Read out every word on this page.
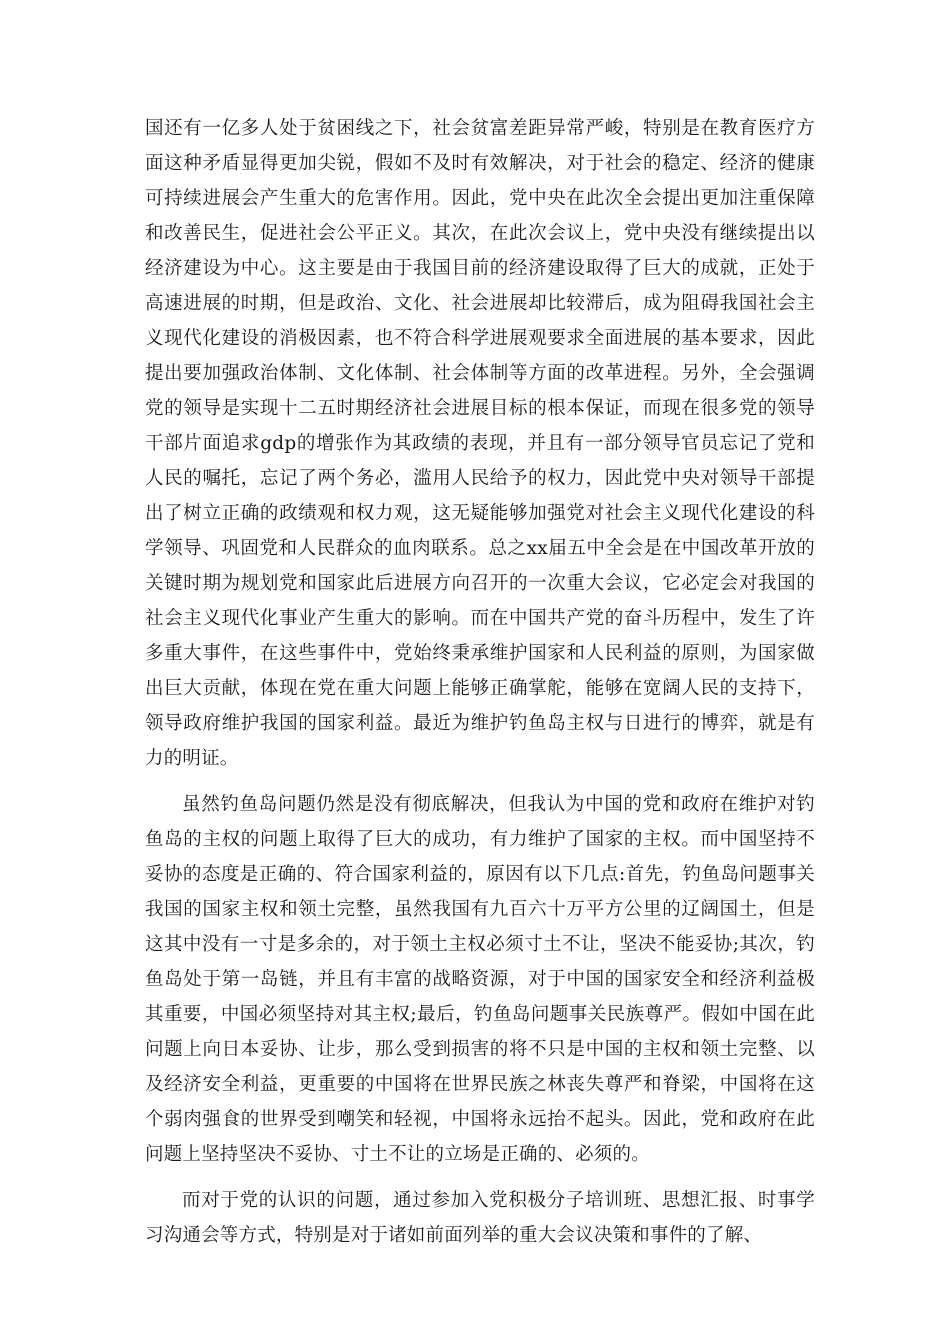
国还有一亿多人处于贫困线之下，社会贫富差距异常严峻，特别是在教育医疗方面这种矛盾显得更加尖锐，假如不及时有效解决，对于社会的稳定、经济的健康可持续进展会产生重大的危害作用。因此，党中央在此次全会提出更加注重保障和改善民生，促进社会公平正义。其次，在此次会议上，党中央没有继续提出以经济建设为中心。这主要是由于我国目前的经济建设取得了巨大的成就，正处于高速进展的时期，但是政治、文化、社会进展却比较滞后，成为阻碍我国社会主义现代化建设的消极因素，也不符合科学进展观要求全面进展的基本要求，因此提出要加强政治体制、文化体制、社会体制等方面的改革进程。另外，全会强调党的领导是实现十二五时期经济社会进展目标的根本保证，而现在很多党的领导干部片面追求gdp的增张作为其政绩的表现，并且有一部分领导官员忘记了党和人民的嘱托，忘记了两个务必，滥用人民给予的权力，因此党中央对领导干部提出了树立正确的政绩观和权力观，这无疑能够加强党对社会主义现代化建设的科学领导、巩固党和人民群众的血肉联系。总之xx届五中全会是在中国改革开放的关键时期为规划党和国家此后进展方向召开的一次重大会议，它必定会对我国的社会主义现代化事业产生重大的影响。而在中国共产党的奋斗历程中，发生了许多重大事件，在这些事件中，党始终秉承维护国家和人民利益的原则，为国家做出巨大贡献，体现在党在重大问题上能够正确掌舵，能够在宽阔人民的支持下，领导政府维护我国的国家利益。最近为维护钓鱼岛主权与日进行的博弈，就是有力的明证。

虽然钓鱼岛问题仍然是没有彻底解决，但我认为中国的党和政府在维护对钓鱼岛的主权的问题上取得了巨大的成功，有力维护了国家的主权。而中国坚持不妥协的态度是正确的、符合国家利益的，原因有以下几点:首先，钓鱼岛问题事关我国的国家主权和领土完整，虽然我国有九百六十万平方公里的辽阔国土，但是这其中没有一寸是多余的，对于领土主权必须寸土不让，坚决不能妥协;其次，钓鱼岛处于第一岛链，并且有丰富的战略资源，对于中国的国家安全和经济利益极其重要，中国必须坚持对其主权;最后，钓鱼岛问题事关民族尊严。假如中国在此问题上向日本妥协、让步，那么受到损害的将不只是中国的主权和领土完整、以及经济安全利益，更重要的中国将在世界民族之林丧失尊严和脊梁，中国将在这个弱肉强食的世界受到嘲笑和轻视，中国将永远抬不起头。因此，党和政府在此问题上坚持坚决不妥协、寸土不让的立场是正确的、必须的。

而对于党的认识的问题，通过参加入党积极分子培训班、思想汇报、时事学习沟通会等方式，特别是对于诸如前面列举的重大会议决策和事件的了解、
